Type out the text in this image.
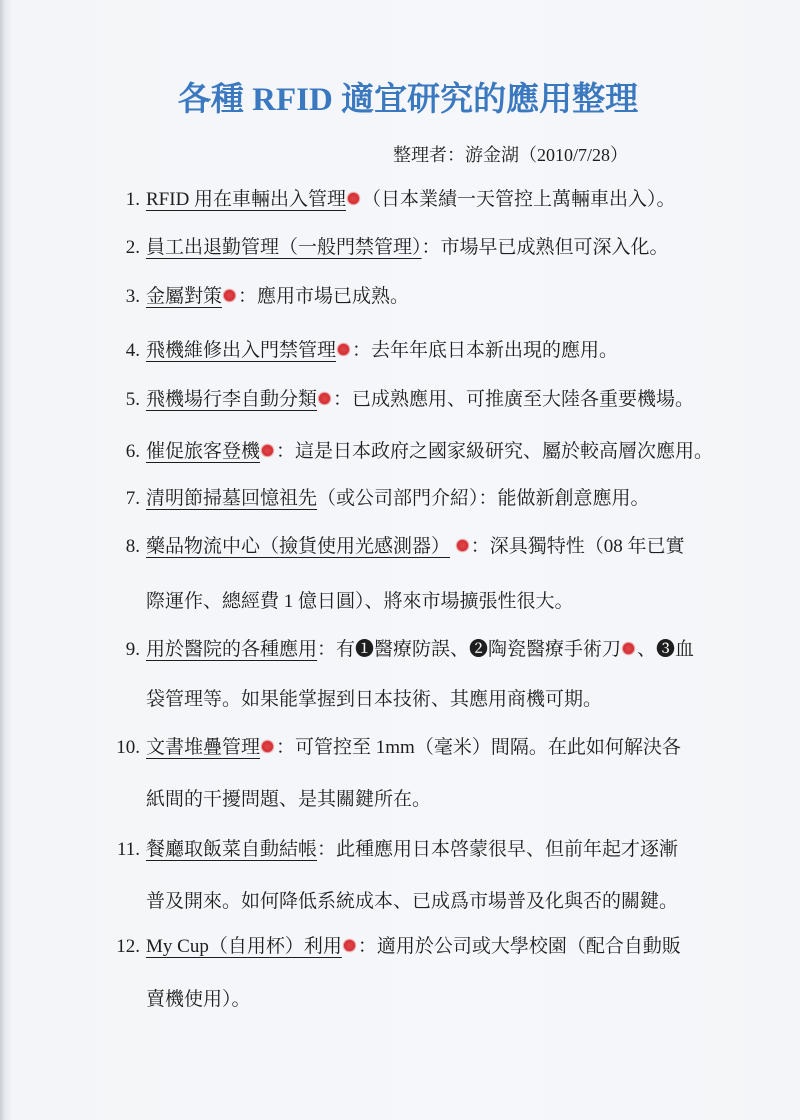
各種 RFID 適宜研究的應用整理
整理者：游金湖（2010/7/28）
1. RFID 用在車輛出入管理 （日本業績一天管控上萬輛車出入）。
2. 員工出退勤管理（一般門禁管理）：市場早已成熟但可深入化。
3. 金屬對策 ：應用市場已成熟。
4. 飛機維修出入門禁管理 ：去年年底日本新出現的應用。
5. 飛機場行李自動分類 ：已成熟應用、可推廣至大陸各重要機場。
6. 催促旅客登機 ：這是日本政府之國家級研究、屬於較高層次應用。
7. 清明節掃墓回憶祖先（或公司部門介紹）：能做新創意應用。
8. 藥品物流中心（撿貨使用光感測器） ：深具獨特性（08 年已實
際運作、總經費 1 億日圓）、將來市場擴張性很大。
9. 用於醫院的各種應用：有❶醫療防誤、❷陶瓷醫療手術刀 、❸血
袋管理等。如果能掌握到日本技術、其應用商機可期。
10. 文書堆疊管理 ：可管控至 1mm（毫米）間隔。在此如何解決各
紙間的干擾問題、是其關鍵所在。
11. 餐廳取飯菜自動結帳：此種應用日本啓蒙很早、但前年起才逐漸
普及開來。如何降低系統成本、已成爲市場普及化與否的關鍵。
12. My Cup（自用杯）利用 ：適用於公司或大學校園（配合自動販
賣機使用）。
